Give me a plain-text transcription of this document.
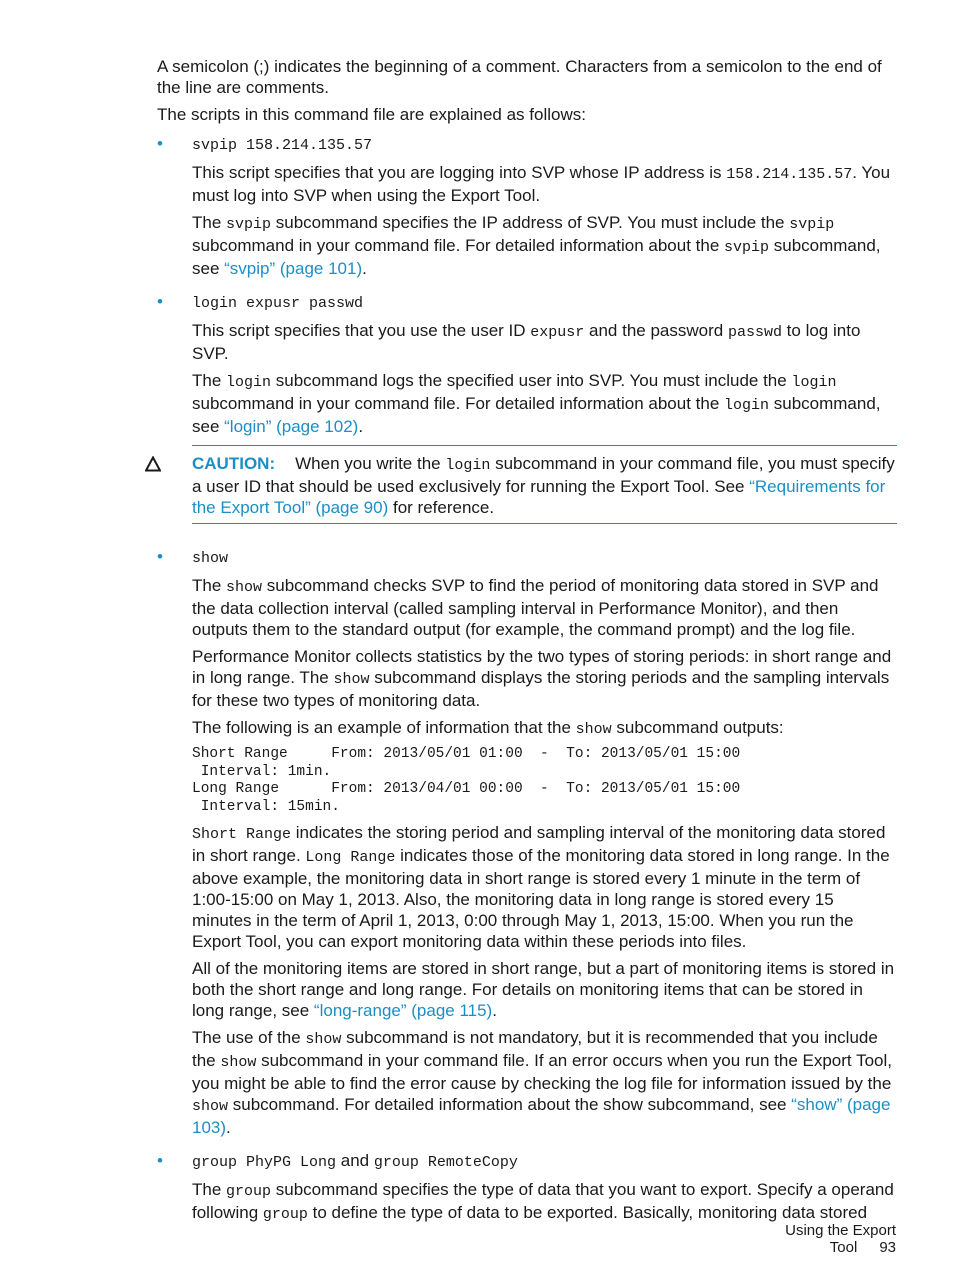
A semicolon (;) indicates the beginning of a comment. Characters from a semicolon to the end of the line are comments.

The scripts in this command file are explained as follows:

• svpip 158.214.135.57

This script specifies that you are logging into SVP whose IP address is 158.214.135.57. You must log into SVP when using the Export Tool.

The svpip subcommand specifies the IP address of SVP. You must include the svpip subcommand in your command file. For detailed information about the svpip subcommand, see “svpip” (page 101).

• login expusr passwd

This script specifies that you use the user ID expusr and the password passwd to log into SVP.

The login subcommand logs the specified user into SVP. You must include the login subcommand in your command file. For detailed information about the login subcommand, see “login” (page 102).

CAUTION: When you write the login subcommand in your command file, you must specify a user ID that should be used exclusively for running the Export Tool. See “Requirements for the Export Tool” (page 90) for reference.
• show

The show subcommand checks SVP to find the period of monitoring data stored in SVP and the data collection interval (called sampling interval in Performance Monitor), and then outputs them to the standard output (for example, the command prompt) and the log file.

Performance Monitor collects statistics by the two types of storing periods: in short range and in long range. The show subcommand displays the storing periods and the sampling intervals for these two types of monitoring data.

The following is an example of information that the show subcommand outputs:

Short Range     From: 2013/05/01 01:00  -  To: 2013/05/01 15:00
Interval: 1min.
Long Range      From: 2013/04/01 00:00  -  To: 2013/05/01 15:00
Interval: 15min.

Short Range indicates the storing period and sampling interval of the monitoring data stored in short range. Long Range indicates those of the monitoring data stored in long range. In the above example, the monitoring data in short range is stored every 1 minute in the term of 1:00-15:00 on May 1, 2013. Also, the monitoring data in long range is stored every 15 minutes in the term of April 1, 2013, 0:00 through May 1, 2013, 15:00. When you run the Export Tool, you can export monitoring data within these periods into files.

All of the monitoring items are stored in short range, but a part of monitoring items is stored in both the short range and long range. For details on monitoring items that can be stored in long range, see “long-range” (page 115).

The use of the show subcommand is not mandatory, but it is recommended that you include the show subcommand in your command file. If an error occurs when you run the Export Tool, you might be able to find the error cause by checking the log file for information issued by the show subcommand. For detailed information about the show subcommand, see “show” (page 103).

• group PhyPG Long and group RemoteCopy

The group subcommand specifies the type of data that you want to export. Specify a operand following group to define the type of data to be exported. Basically, monitoring data stored

Using the Export Tool 93
